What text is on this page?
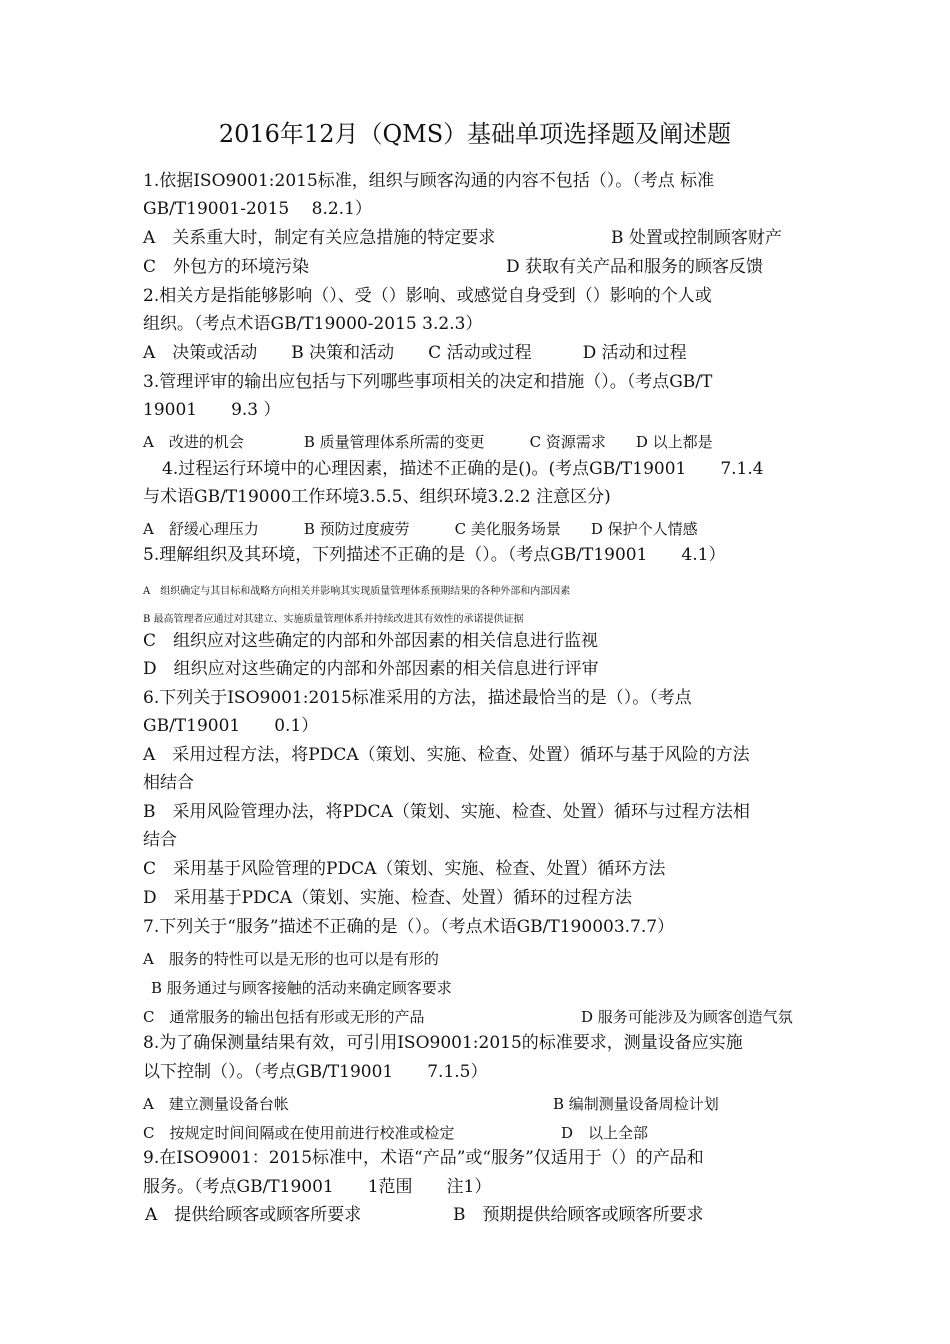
2016年12月（QMS）基础单项选择题及阐述题
1.依据ISO9001:2015标准，组织与顾客沟通的内容不包括（）。（考点 标准
GB/T19001-2015　 8.2.1）
A　关系重大时，制定有关应急措施的特定要求	B 处置或控制顾客财产
C　外包方的环境污染	D 获取有关产品和服务的顾客反馈
2.相关方是指能够影响（）、受（）影响、或感觉自身受到（）影响的个人或
组织。（考点术语GB/T19000-2015 3.2.3）
A　决策或活动　　B 决策和活动　　C 活动或过程　　　D 活动和过程
3.管理评审的输出应包括与下列哪些事项相关的决定和措施（）。（考点GB/T
19001　　9.3 ）
A　改进的机会　　　　B 质量管理体系所需的变更　　　C 资源需求　　D 以上都是
4.过程运行环境中的心理因素，描述不正确的是()。(考点GB/T19001　　7.1.4
与术语GB/T19000工作环境3.5.5、组织环境3.2.2 注意区分)
A　舒缓心理压力　　　B 预防过度疲劳　　　C 美化服务场景　　D 保护个人情感
5.理解组织及其环境，下列描述不正确的是（）。（考点GB/T19001　　4.1）
A　组织确定与其目标和战略方向相关并影响其实现质量管理体系预期结果的各种外部和内部因素
B 最高管理者应通过对其建立、实施质量管理体系并持续改进其有效性的承诺提供证据
C　组织应对这些确定的内部和外部因素的相关信息进行监视
D　组织应对这些确定的内部和外部因素的相关信息进行评审
6.下列关于ISO9001:2015标准采用的方法，描述最恰当的是（）。（考点
GB/T19001　　0.1）
A　采用过程方法，将PDCA（策划、实施、检查、处置）循环与基于风险的方法
相结合
B　采用风险管理办法，将PDCA（策划、实施、检查、处置）循环与过程方法相
结合
C　采用基于风险管理的PDCA（策划、实施、检查、处置）循环方法
D　采用基于PDCA（策划、实施、检查、处置）循环的过程方法
7.下列关于“服务”描述不正确的是（）。（考点术语GB/T190003.7.7）
A　服务的特性可以是无形的也可以是有形的
B 服务通过与顾客接触的活动来确定顾客要求
C　通常服务的输出包括有形或无形的产品	D 服务可能涉及为顾客创造气氛
8.为了确保测量结果有效，可引用ISO9001:2015的标准要求，测量设备应实施
以下控制（）。（考点GB/T19001　　7.1.5）
A　建立测量设备台帐	B 编制测量设备周检计划
C　按规定时间间隔或在使用前进行校准或检定	D　以上全部
9.在ISO9001：2015标准中，术语“产品”或“服务”仅适用于（）的产品和
服务。（考点GB/T19001　　1范围　　注1）
A　提供给顾客或顾客所要求	B　预期提供给顾客或顾客所要求
